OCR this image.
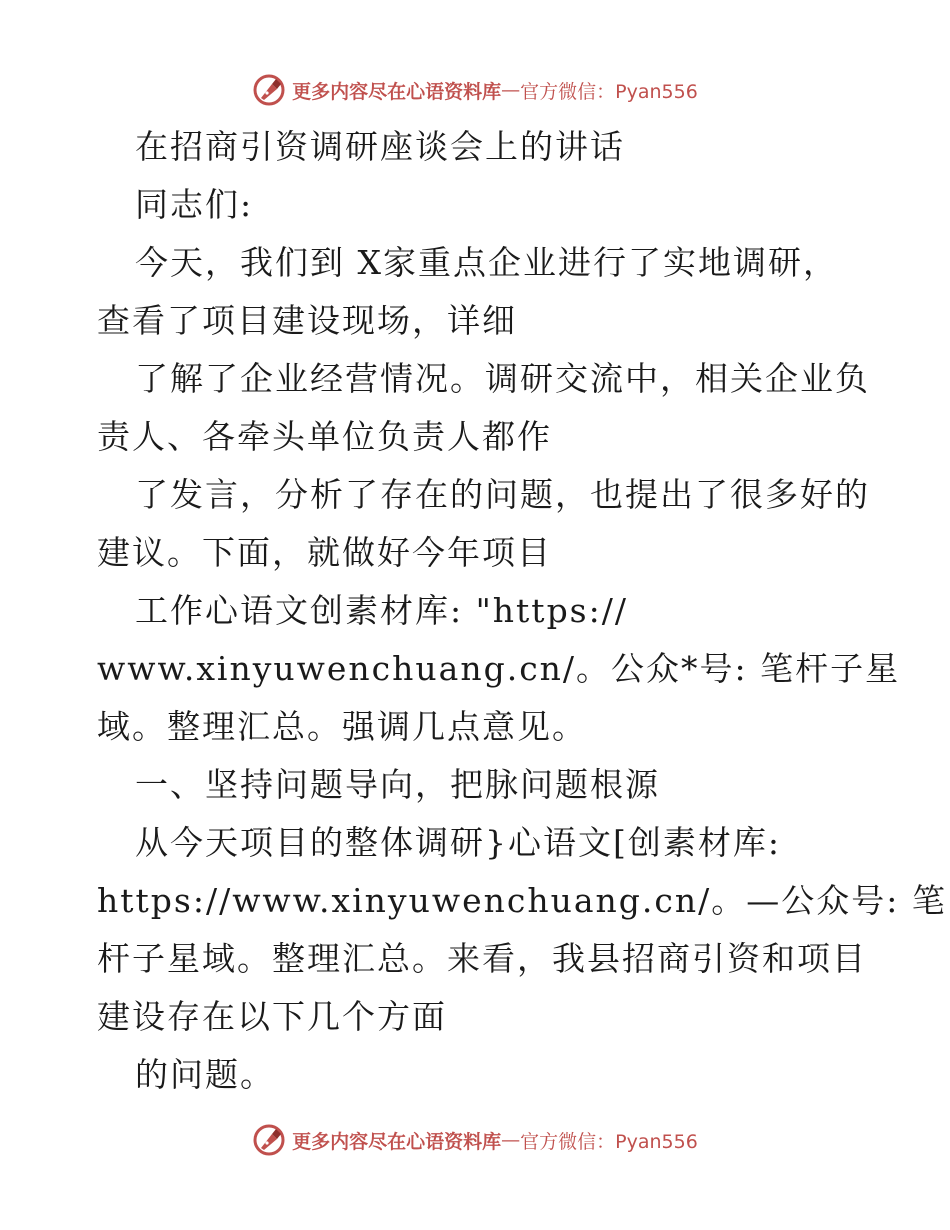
更多内容尽在心语资料库 — 官方微信：Pyan556
在招商引资调研座谈会上的讲话
同志们:
今天，我们到 X家重点企业进行了实地调研，
查看了项目建设现场，详细
了解了企业经营情况。调研交流中，相关企业负
责人、各牵头单位负责人都作
了发言，分析了存在的问题，也提出了很多好的
建议。下面，就做好今年项目
工作心语文创素材库: "https://
www.xinyuwenchuang.cn/。公众*号: 笔杆子星
域。整理汇总。强调几点意见。
一、坚持问题导向，把脉问题根源
从今天项目的整体调研}心语文[创素材库:
https://www.xinyuwenchuang.cn/。—公众号: 笔
杆子星域。整理汇总。来看，我县招商引资和项目
建设存在以下几个方面
的问题。
更多内容尽在心语资料库 — 官方微信：Pyan556
